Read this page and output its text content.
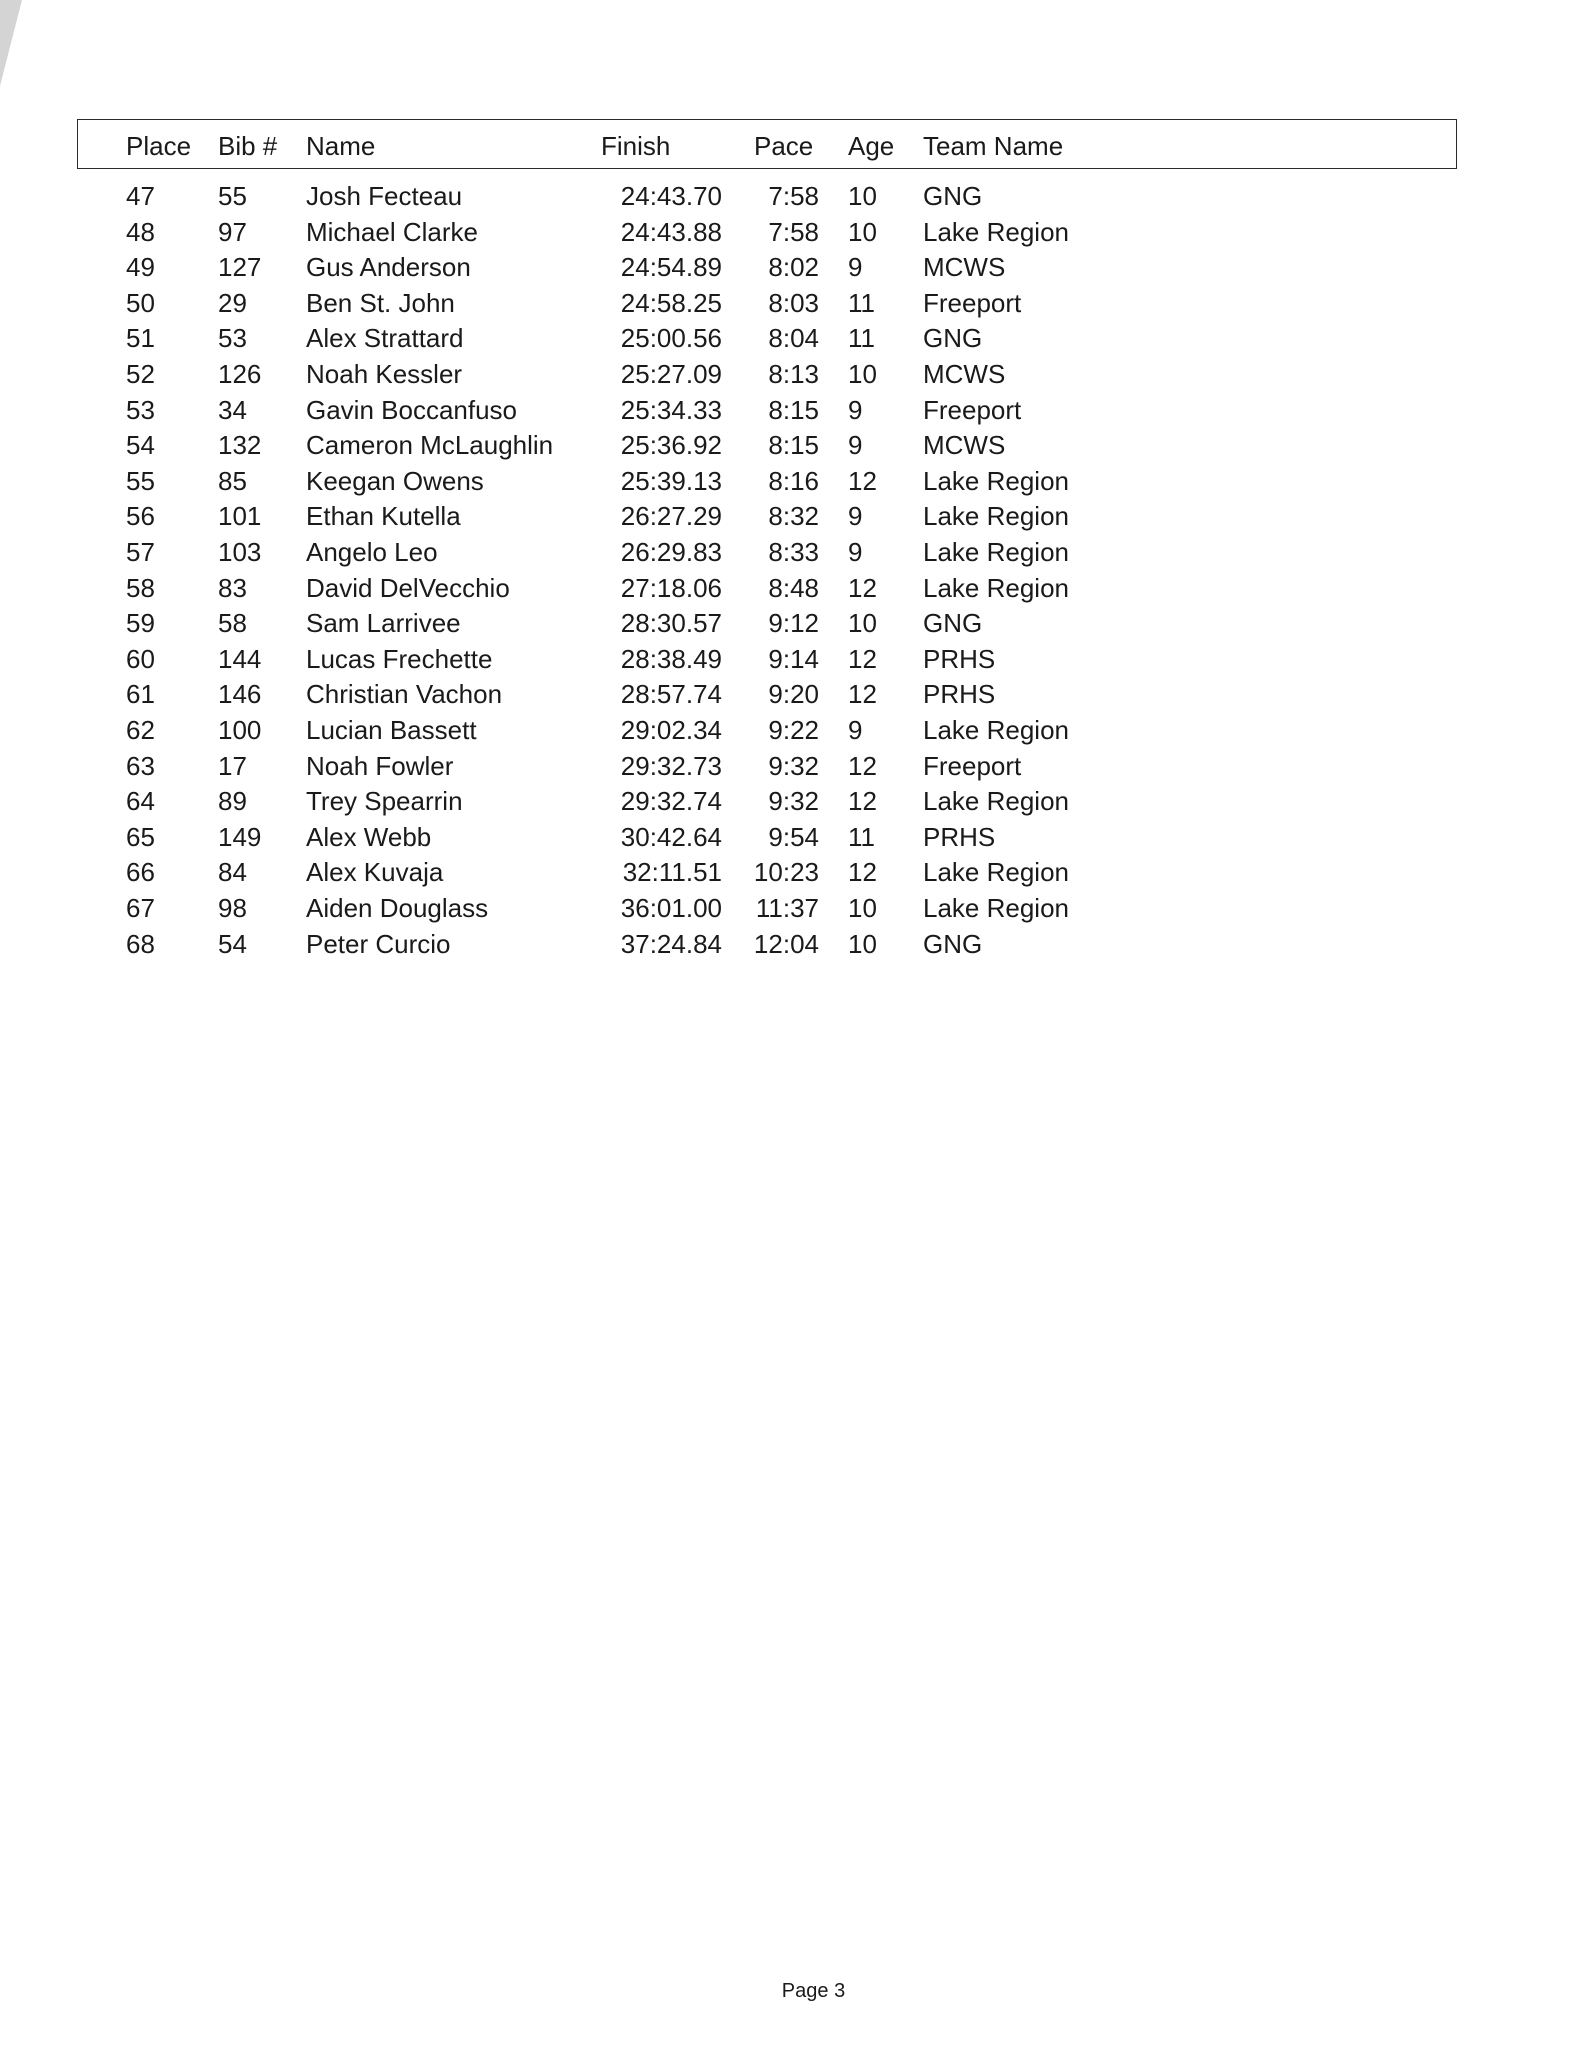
Place Bib # Name	Finish	Pace Age Team Name
47 55 Josh Fecteau	24:43.70 7:58 10 GNG
48 97 Michael Clarke	24:43.88 7:58 10 Lake Region
49 127 Gus Anderson	24:54.89 8:02 9 MCWS
50 29 Ben St. John	24:58.25 8:03 11 Freeport
51 53 Alex Strattard	25:00.56 8:04 11 GNG
52 126 Noah Kessler	25:27.09 8:13 10 MCWS
53 34 Gavin Boccanfuso	25:34.33 8:15 9 Freeport
54 132 Cameron McLaughlin	25:36.92 8:15 9 MCWS
55 85 Keegan Owens	25:39.13 8:16 12 Lake Region
56 101 Ethan Kutella	26:27.29 8:32 9 Lake Region
57 103 Angelo Leo	26:29.83 8:33 9 Lake Region
58 83 David DelVecchio	27:18.06 8:48 12 Lake Region
59 58 Sam Larrivee	28:30.57 9:12 10 GNG
60 144 Lucas Frechette	28:38.49 9:14 12 PRHS
61 146 Christian Vachon	28:57.74 9:20 12 PRHS
62 100 Lucian Bassett	29:02.34 9:22 9 Lake Region
63 17 Noah Fowler	29:32.73 9:32 12 Freeport
64 89 Trey Spearrin	29:32.74 9:32 12 Lake Region
65 149 Alex Webb	30:42.64 9:54 11 PRHS
66 84 Alex Kuvaja	32:11.51 10:23 12 Lake Region
67 98 Aiden Douglass	36:01.00 11:37 10 Lake Region
68 54 Peter Curcio	37:24.84 12:04 10 GNG
Page 3
